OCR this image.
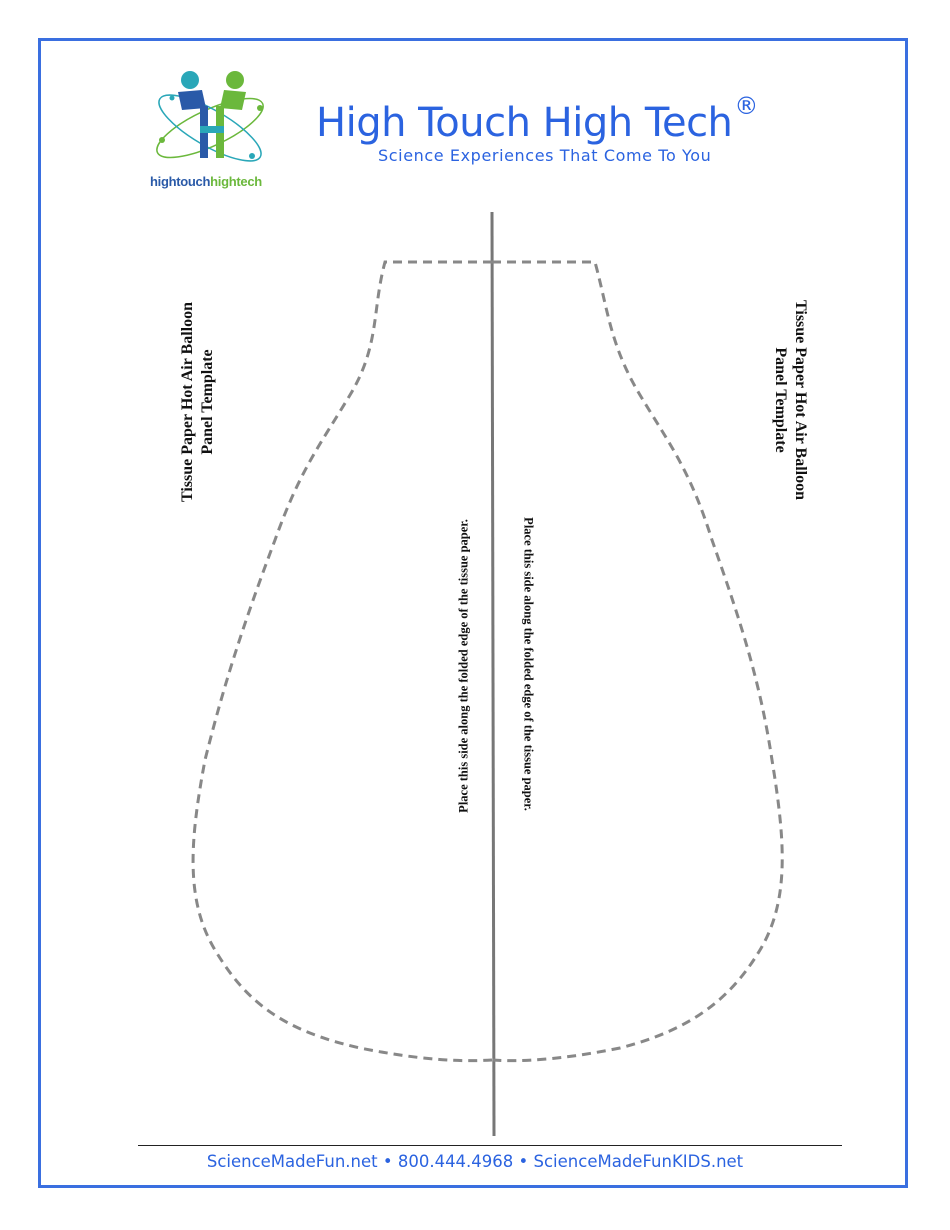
hightouchhightech
High Touch High Tech®
Science Experiences That Come To You
Tissue Paper Hot Air Balloon Panel Template	Tissue Paper Hot Air Balloon
Panel Template
Place this side along the folded edge of the tissue paper.	Place this side along the folded edge of the tissue paper.
ScienceMadeFun.net • 800.444.4968 • ScienceMadeFunKIDS.net
